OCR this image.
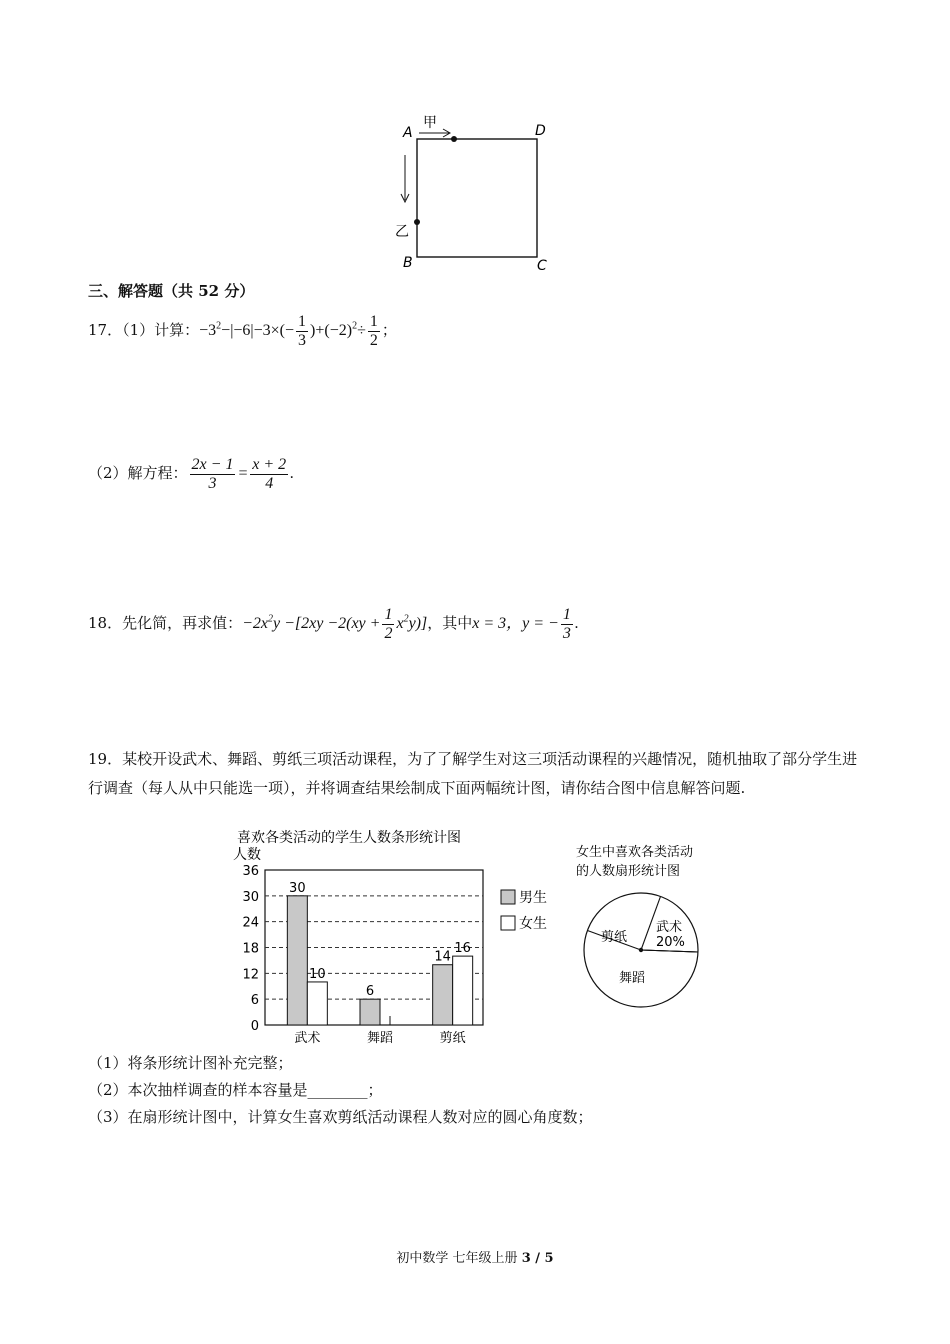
A	D
B	C
甲
乙
三、解答题（共 52 分）
17．（1）计算：$-3^2-|-6|-3\times(- \frac{1}{3} )+(-2)^2\div \frac{1}{2}$ ；
（2）解方程： $\frac{2x - 1}{3} = \frac{x + 2}{4}$ .
18．先化简，再求值：$-2x^2y -[2xy -2(xy + \frac{1}{2} x^2y)]$，其中x = 3，y = − $\frac{1}{3}$ .
19．某校开设武术、舞蹈、剪纸三项活动课程，为了了解学生对这三项活动课程的兴趣情况，随机抽取了部分学生进行调查（每人从中只能选一项），并将调查结果绘制成下面两幅统计图，请你结合图中信息解答问题.
喜欢各类活动的学生人数条形统计图
人数
30
10
6
14
16
0
6
12
18
24
30
36
武术	舞蹈	剪纸
男生
女生
女生中喜欢各类活动
的人数扇形统计图
武术
20%
剪纸
舞蹈
（1）将条形统计图补充完整；
（2）本次抽样调查的样本容量是________；
（3）在扇形统计图中，计算女生喜欢剪纸活动课程人数对应的圆心角度数；
初中数学 七年级上册 3 / 5
